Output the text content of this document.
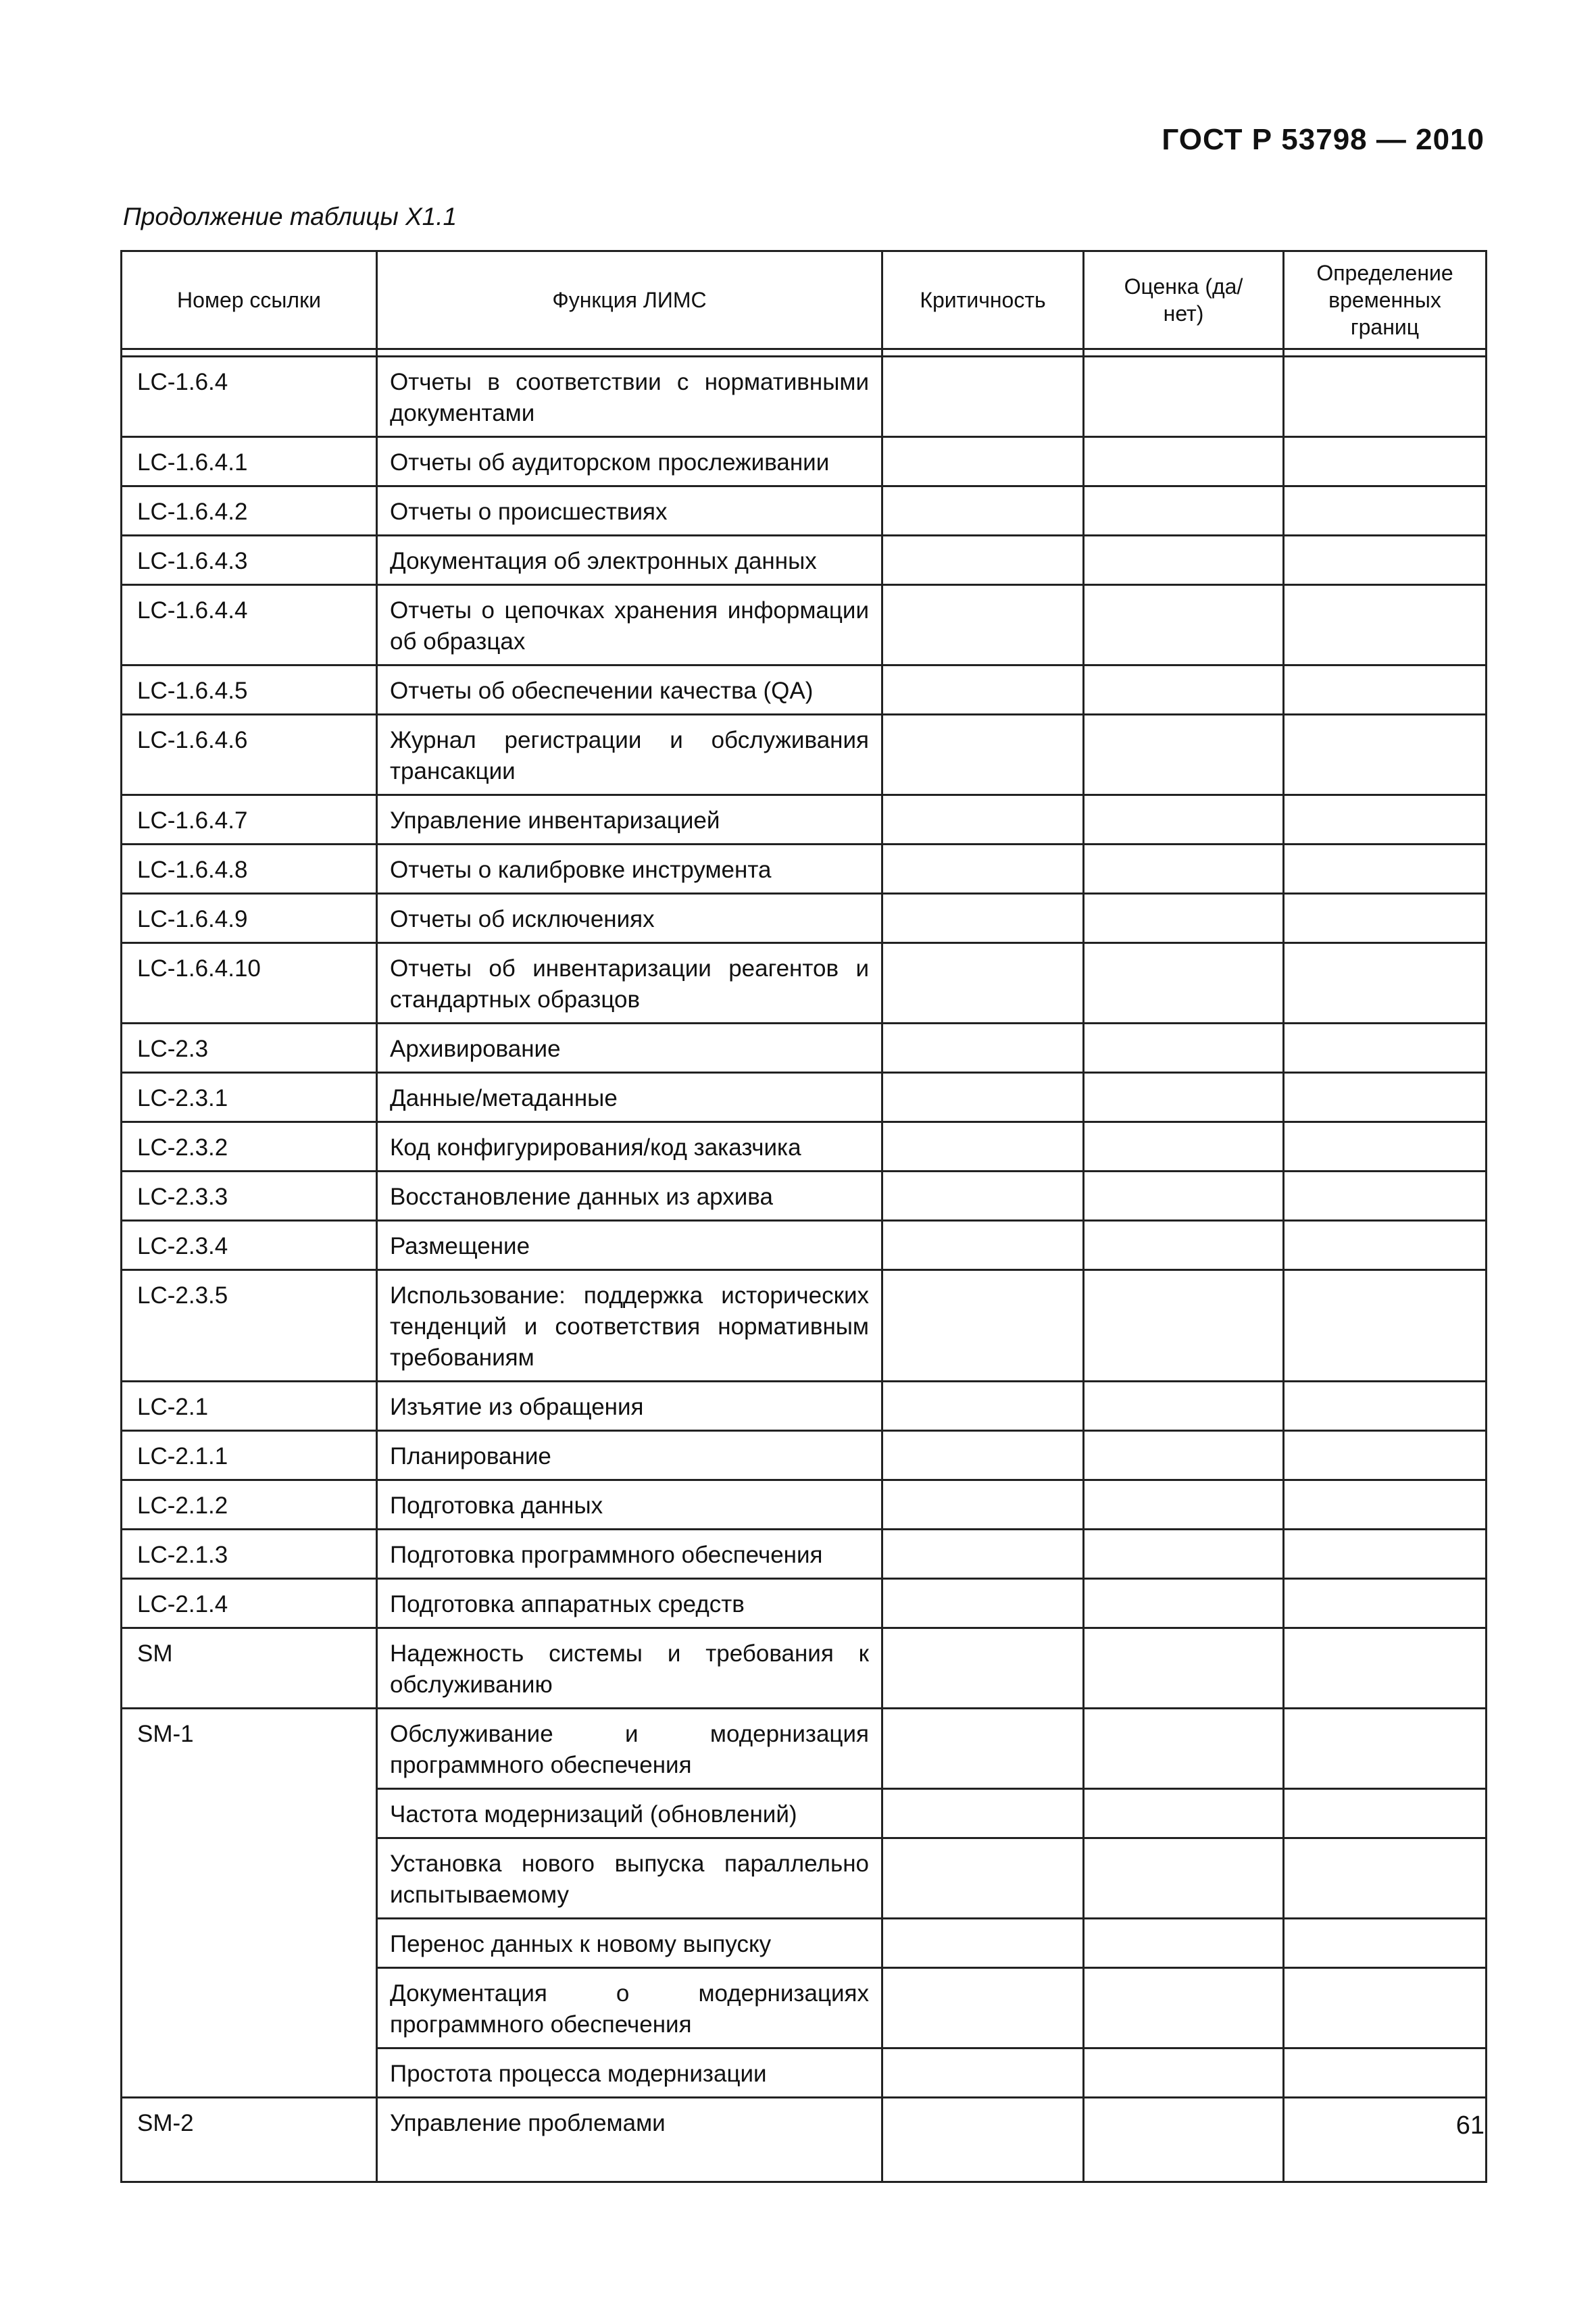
ГОСТ Р 53798 — 2010
Продолжение таблицы Х1.1
Номер ссылки	Функция ЛИМС	Критичность	Оценка (да/нет)	Определение временных границ

LC-1.6.4	Отчеты в соответствии с нормативными документами			

LC-1.6.4.1	Отчеты об аудиторском прослеживании			

LC-1.6.4.2	Отчеты о происшествиях			

LC-1.6.4.3	Документация об электронных данных			

LC-1.6.4.4	Отчеты о цепочках хранения информации об образцах			

LC-1.6.4.5	Отчеты об обеспечении качества (QA)			

LC-1.6.4.6	Журнал регистрации и обслуживания трансакции			

LC-1.6.4.7	Управление инвентаризацией			

LC-1.6.4.8	Отчеты о калибровке инструмента			

LC-1.6.4.9	Отчеты об исключениях			

LC-1.6.4.10	Отчеты об инвентаризации реагентов и стандартных образцов			

LC-2.3	Архивирование			

LC-2.3.1	Данные/метаданные			

LC-2.3.2	Код конфигурирования/код заказчика			

LC-2.3.3	Восстановление данных из архива			

LC-2.3.4	Размещение			

LC-2.3.5	Использование: поддержка исторических тенденций и соответствия нормативным требованиям			

LC-2.1	Изъятие из обращения			

LC-2.1.1	Планирование			

LC-2.1.2	Подготовка данных			

LC-2.1.3	Подготовка программного обеспечения			

LC-2.1.4	Подготовка аппаратных средств			

SM	Надежность системы и требования к обслуживанию			

SM-1	Обслуживание и модернизация программного обеспечения			

	Частота модернизаций (обновлений)			

	Установка нового выпуска параллельно испытываемому			

	Перенос данных к новому выпуску			

	Документация о модернизациях программного обеспечения			

	Простота процесса модернизации			

SM-2	Управление проблемами			
				61
